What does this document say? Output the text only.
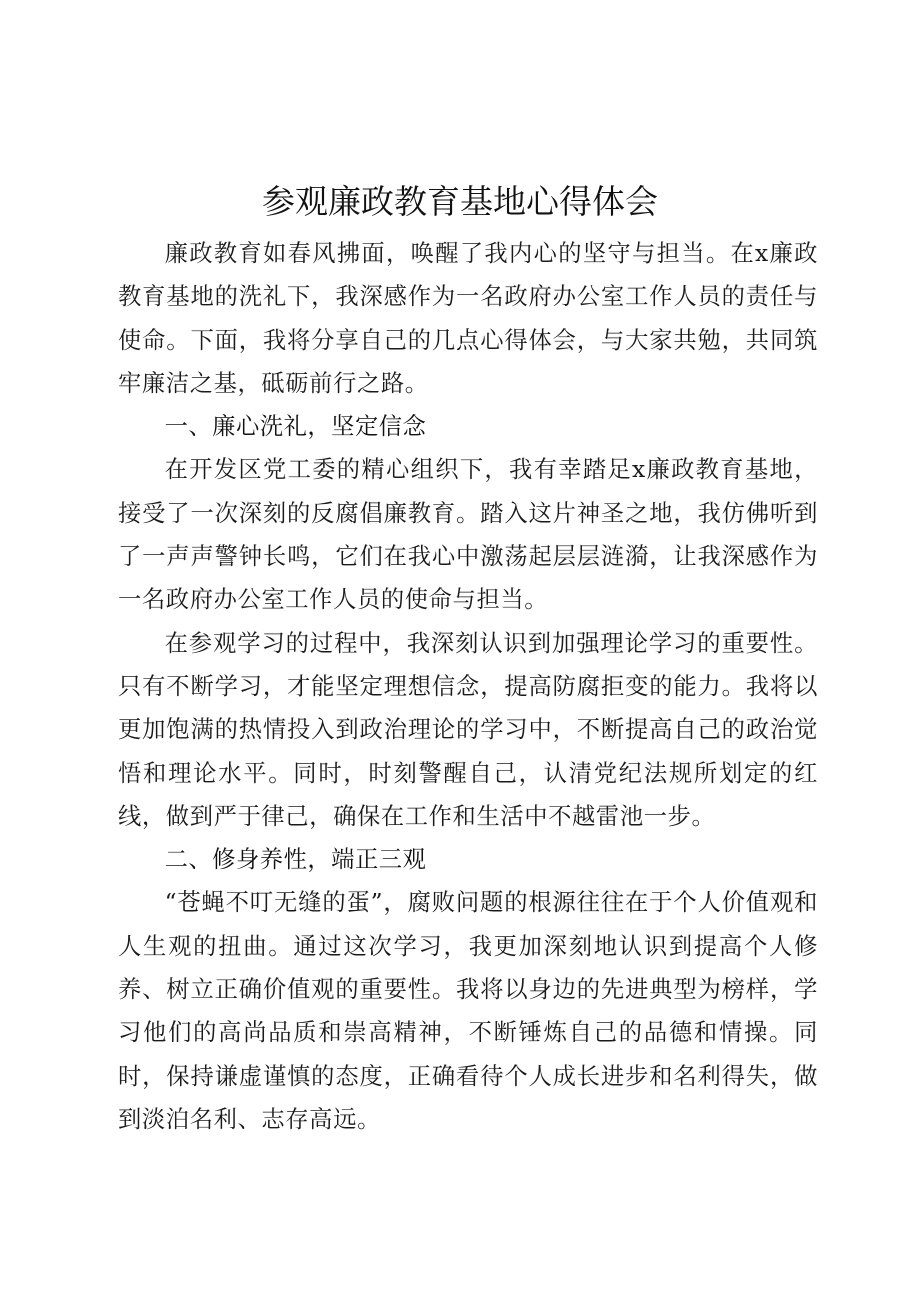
参观廉政教育基地心得体会

廉政教育如春风拂面，唤醒了我内心的坚守与担当。在x廉政教育基地的洗礼下，我深感作为一名政府办公室工作人员的责任与使命。下面，我将分享自己的几点心得体会，与大家共勉，共同筑牢廉洁之基，砥砺前行之路。

一、廉心洗礼，坚定信念

在开发区党工委的精心组织下，我有幸踏足x廉政教育基地，接受了一次深刻的反腐倡廉教育。踏入这片神圣之地，我仿佛听到了一声声警钟长鸣，它们在我心中激荡起层层涟漪，让我深感作为一名政府办公室工作人员的使命与担当。

在参观学习的过程中，我深刻认识到加强理论学习的重要性。只有不断学习，才能坚定理想信念，提高防腐拒变的能力。我将以更加饱满的热情投入到政治理论的学习中，不断提高自己的政治觉悟和理论水平。同时，时刻警醒自己，认清党纪法规所划定的红线，做到严于律己，确保在工作和生活中不越雷池一步。

二、修身养性，端正三观

“苍蝇不叮无缝的蛋”，腐败问题的根源往往在于个人价值观和人生观的扭曲。通过这次学习，我更加深刻地认识到提高个人修养、树立正确价值观的重要性。我将以身边的先进典型为榜样，学习他们的高尚品质和崇高精神，不断锤炼自己的品德和情操。同时，保持谦虚谨慎的态度，正确看待个人成长进步和名利得失，做到淡泊名利、志存高远。
